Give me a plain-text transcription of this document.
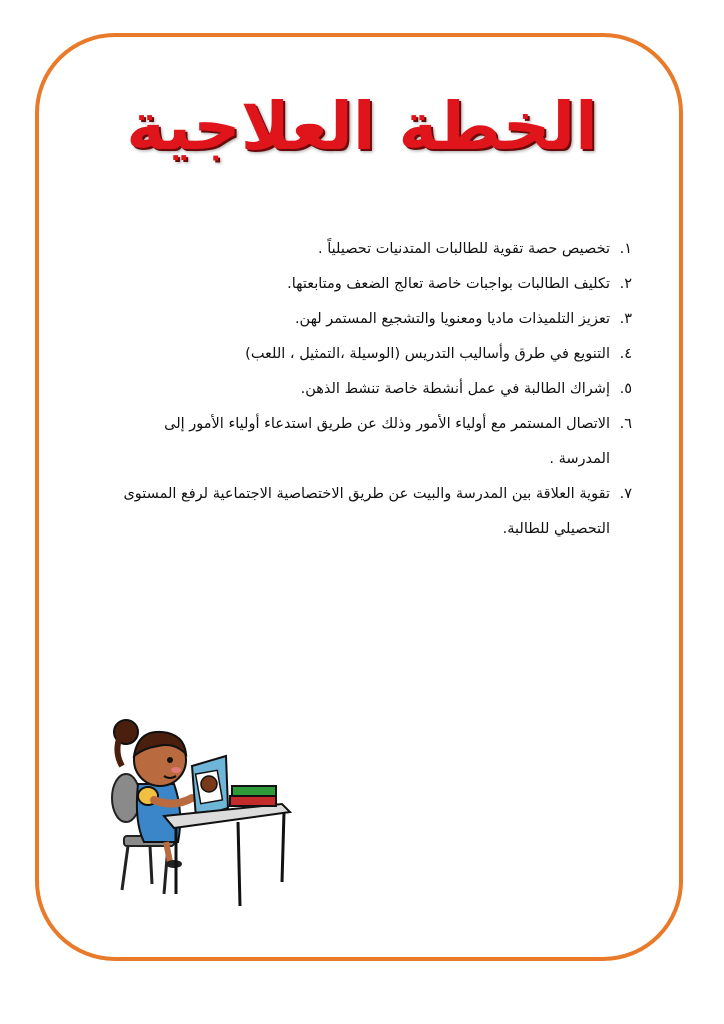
الخطة العلاجية
١.تخصيص حصة تقوية للطالبات المتدنيات تحصيلياً .
٢.تكليف الطالبات بواجبات خاصة تعالج الضعف ومتابعتها.
٣.تعزيز التلميذات ماديا ومعنويا والتشجيع المستمر لهن.
٤.التنويع في طرق وأساليب التدريس (الوسيلة ،التمثيل ، اللعب)
٥.إشراك الطالبة في عمل أنشطة خاصة تنشط الذهن.
٦.الاتصال المستمر مع أولياء الأمور وذلك عن طريق استدعاء أولياء الأمور إلى
المدرسة .
٧.تقوية العلاقة بين المدرسة والبيت عن طريق الاختصاصية الاجتماعية لرفع المستوى
التحصيلي للطالبة.
